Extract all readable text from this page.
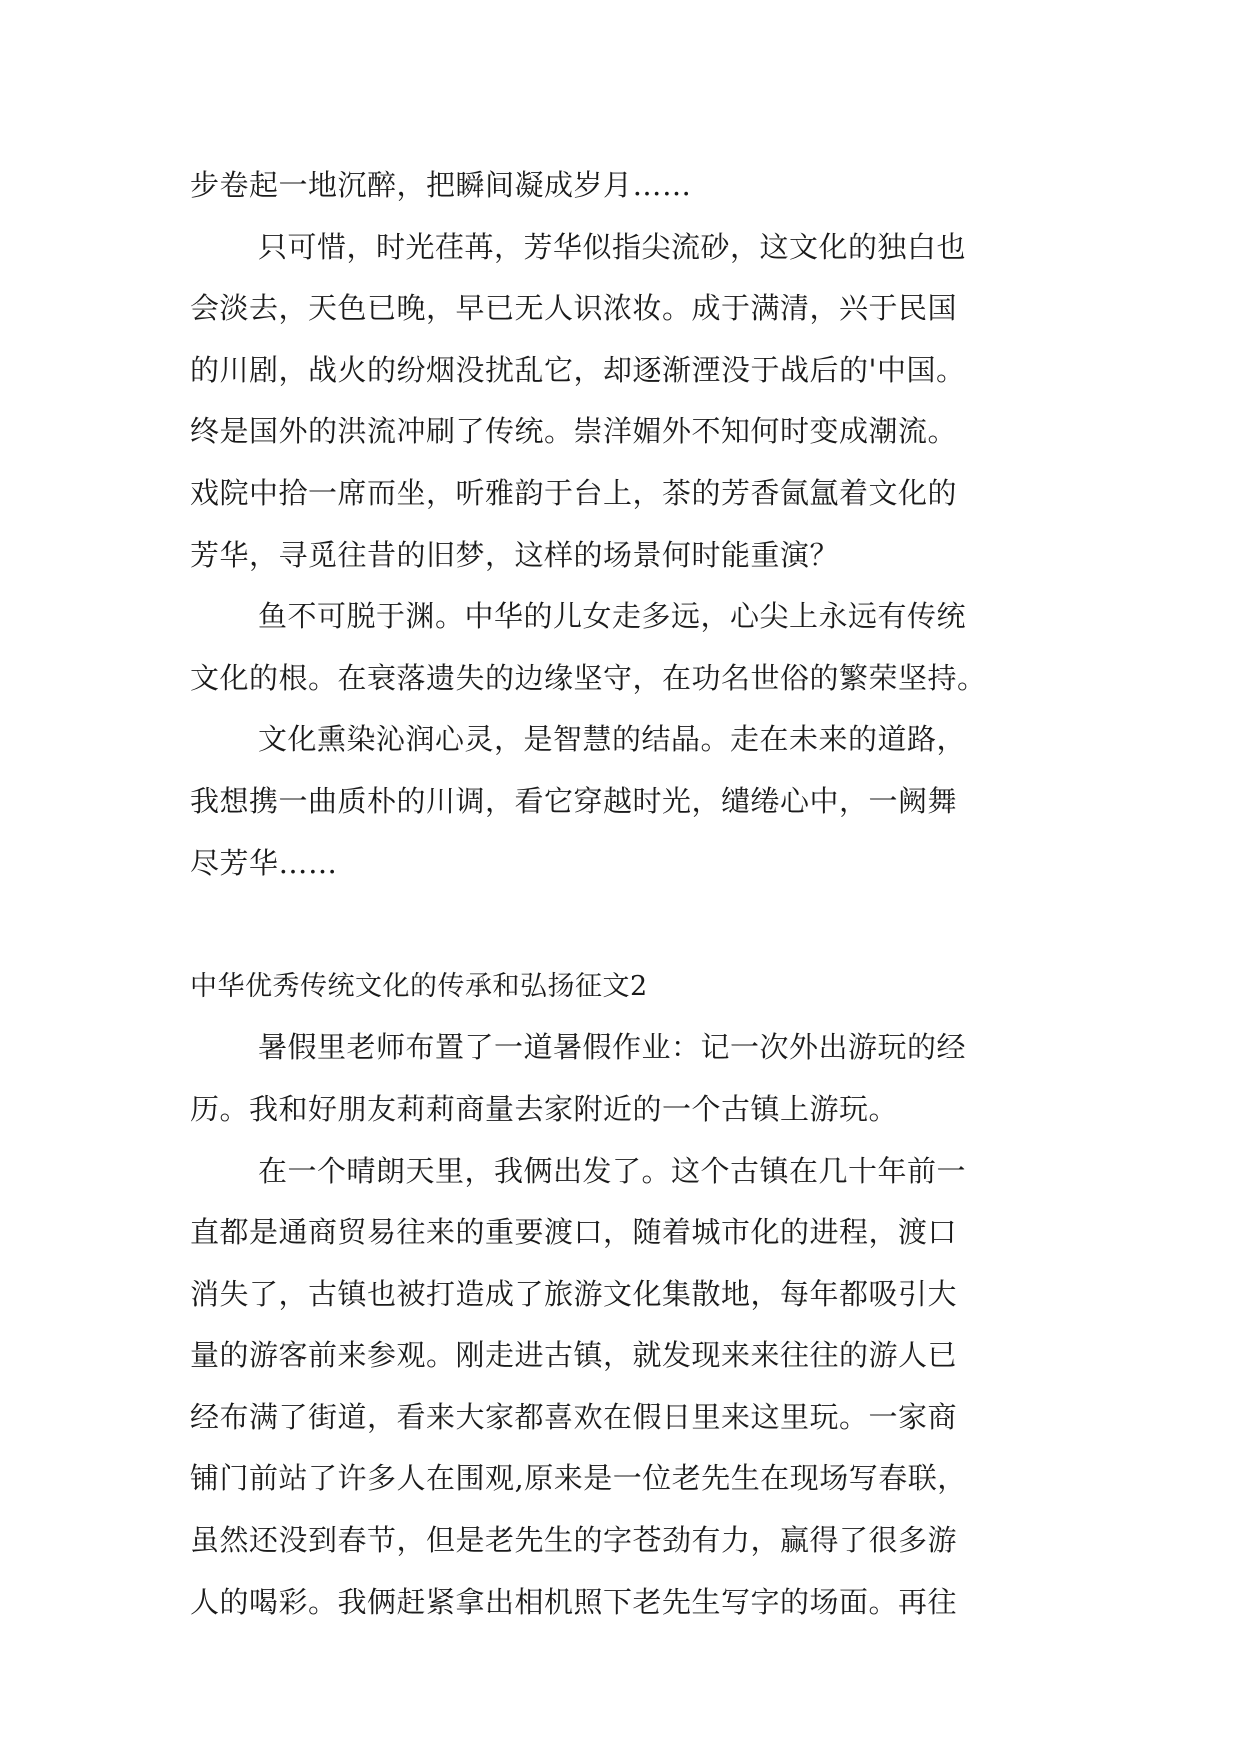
步卷起一地沉醉，把瞬间凝成岁月……
只可惜，时光荏苒，芳华似指尖流砂，这文化的独白也
会淡去，天色已晚，早已无人识浓妆。成于满清，兴于民国
的川剧，战火的纷烟没扰乱它，却逐渐湮没于战后的'中国。
终是国外的洪流冲刷了传统。崇洋媚外不知何时变成潮流。
戏院中拾一席而坐，听雅韵于台上，茶的芳香氤氲着文化的
芳华，寻觅往昔的旧梦，这样的场景何时能重演？
鱼不可脱于渊。中华的儿女走多远，心尖上永远有传统
文化的根。在衰落遗失的边缘坚守，在功名世俗的繁荣坚持。
文化熏染沁润心灵，是智慧的结晶。走在未来的道路，
我想携一曲质朴的川调，看它穿越时光，缱绻心中，一阙舞
尽芳华……
中华优秀传统文化的传承和弘扬征文2
暑假里老师布置了一道暑假作业：记一次外出游玩的经
历。我和好朋友莉莉商量去家附近的一个古镇上游玩。
在一个晴朗天里，我俩出发了。这个古镇在几十年前一
直都是通商贸易往来的重要渡口，随着城市化的进程，渡口
消失了，古镇也被打造成了旅游文化集散地，每年都吸引大
量的游客前来参观。刚走进古镇，就发现来来往往的游人已
经布满了街道，看来大家都喜欢在假日里来这里玩。一家商
铺门前站了许多人在围观,原来是一位老先生在现场写春联，
虽然还没到春节，但是老先生的字苍劲有力，赢得了很多游
人的喝彩。我俩赶紧拿出相机照下老先生写字的场面。再往
